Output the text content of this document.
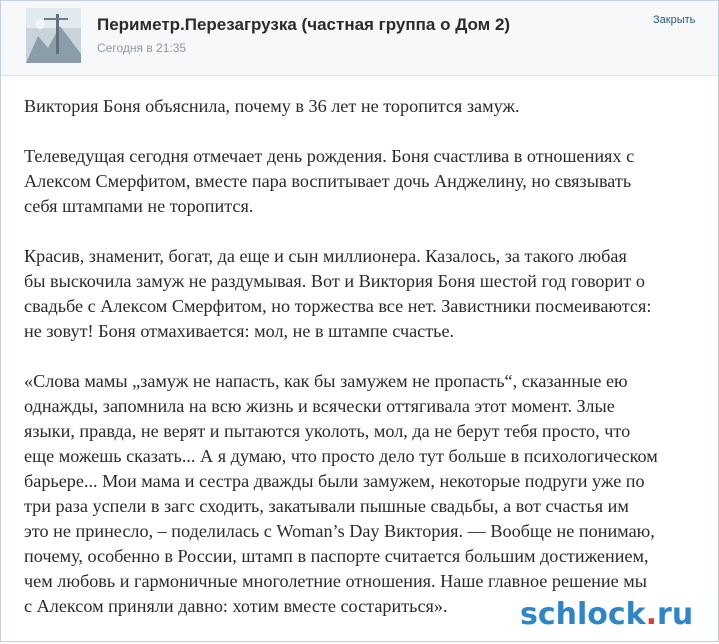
Периметр.Перезагрузка (частная группа о Дом 2)
Сегодня в 21:35
Закрыть

Виктория Боня объяснила, почему в 36 лет не торопится замуж.

Телеведущая сегодня отмечает день рождения. Боня счастлива в отношениях с
Алексом Смерфитом, вместе пара воспитывает дочь Анджелину, но связывать
себя штампами не торопится.

Красив, знаменит, богат, да еще и сын миллионера. Казалось, за такого любая
бы выскочила замуж не раздумывая. Вот и Виктория Боня шестой год говорит о
свадьбе с Алексом Смерфитом, но торжества все нет. Завистники посмеиваются:
не зовут! Боня отмахивается: мол, не в штампе счастье.

«Слова мамы „замуж не напасть, как бы замужем не пропасть“, сказанные ею
однажды, запомнила на всю жизнь и всячески оттягивала этот момент. Злые
языки, правда, не верят и пытаются уколоть, мол, да не берут тебя просто, что
еще можешь сказать... А я думаю, что просто дело тут больше в психологическом
барьере... Мои мама и сестра дважды были замужем, некоторые подруги уже по
три раза успели в загс сходить, закатывали пышные свадьбы, а вот счастья им
это не принесло, – поделилась с Woman’s Day Виктория. — Вообще не понимаю,
почему, особенно в России, штамп в паспорте считается большим достижением,
чем любовь и гармоничные многолетние отношения. Наше главное решение мы
с Алексом приняли давно: хотим вместе состариться».	schlock.ru
